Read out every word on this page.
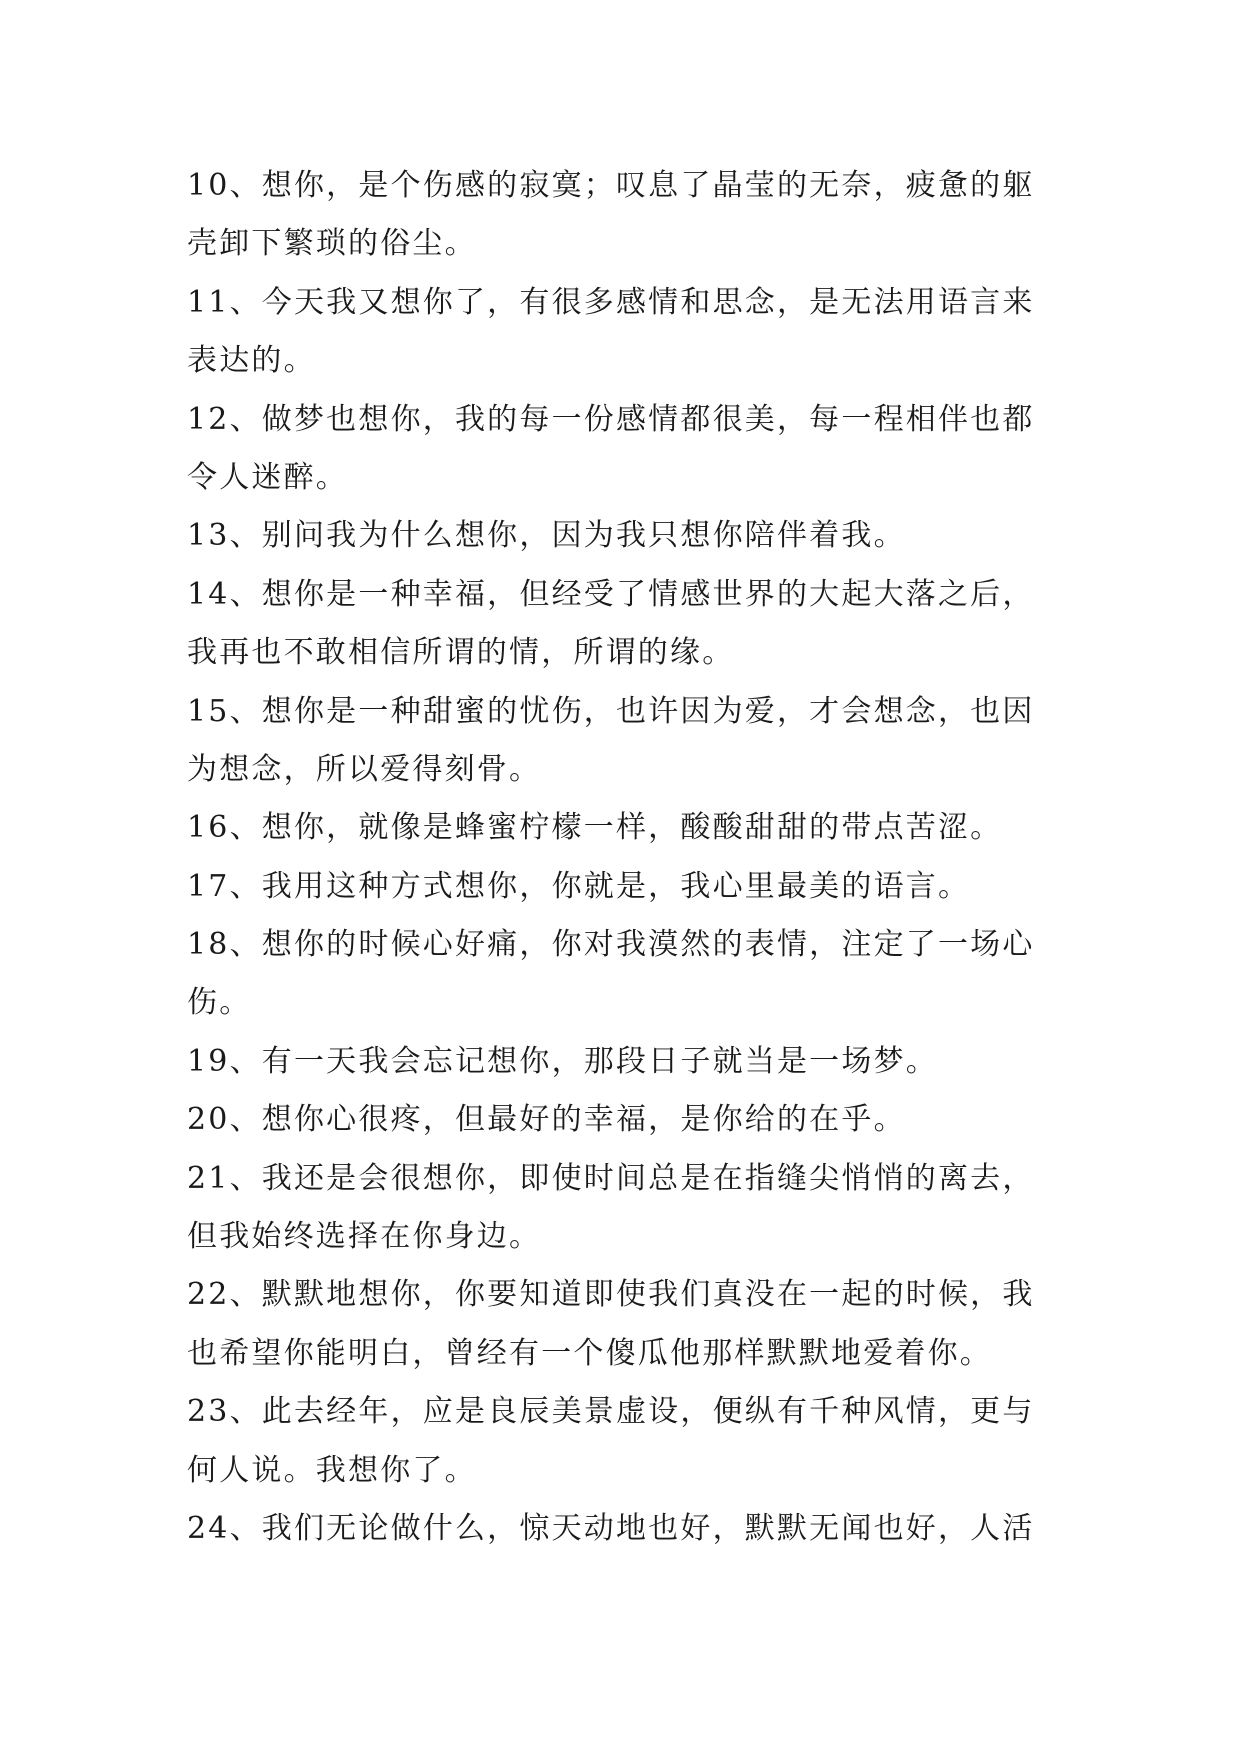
10、想你，是个伤感的寂寞；叹息了晶莹的无奈，疲惫的躯
壳卸下繁琐的俗尘。
11、今天我又想你了，有很多感情和思念，是无法用语言来
表达的。
12、做梦也想你，我的每一份感情都很美，每一程相伴也都
令人迷醉。
13、别问我为什么想你，因为我只想你陪伴着我。
14、想你是一种幸福，但经受了情感世界的大起大落之后，
我再也不敢相信所谓的情，所谓的缘。
15、想你是一种甜蜜的忧伤，也许因为爱，才会想念，也因
为想念，所以爱得刻骨。
16、想你，就像是蜂蜜柠檬一样，酸酸甜甜的带点苦涩。
17、我用这种方式想你，你就是，我心里最美的语言。
18、想你的时候心好痛，你对我漠然的表情，注定了一场心
伤。
19、有一天我会忘记想你，那段日子就当是一场梦。
20、想你心很疼，但最好的幸福，是你给的在乎。
21、我还是会很想你，即使时间总是在指缝尖悄悄的离去，
但我始终选择在你身边。
22、默默地想你，你要知道即使我们真没在一起的时候，我
也希望你能明白，曾经有一个傻瓜他那样默默地爱着你。
23、此去经年，应是良辰美景虚设，便纵有千种风情，更与
何人说。我想你了。
24、我们无论做什么，惊天动地也好，默默无闻也好，人活
